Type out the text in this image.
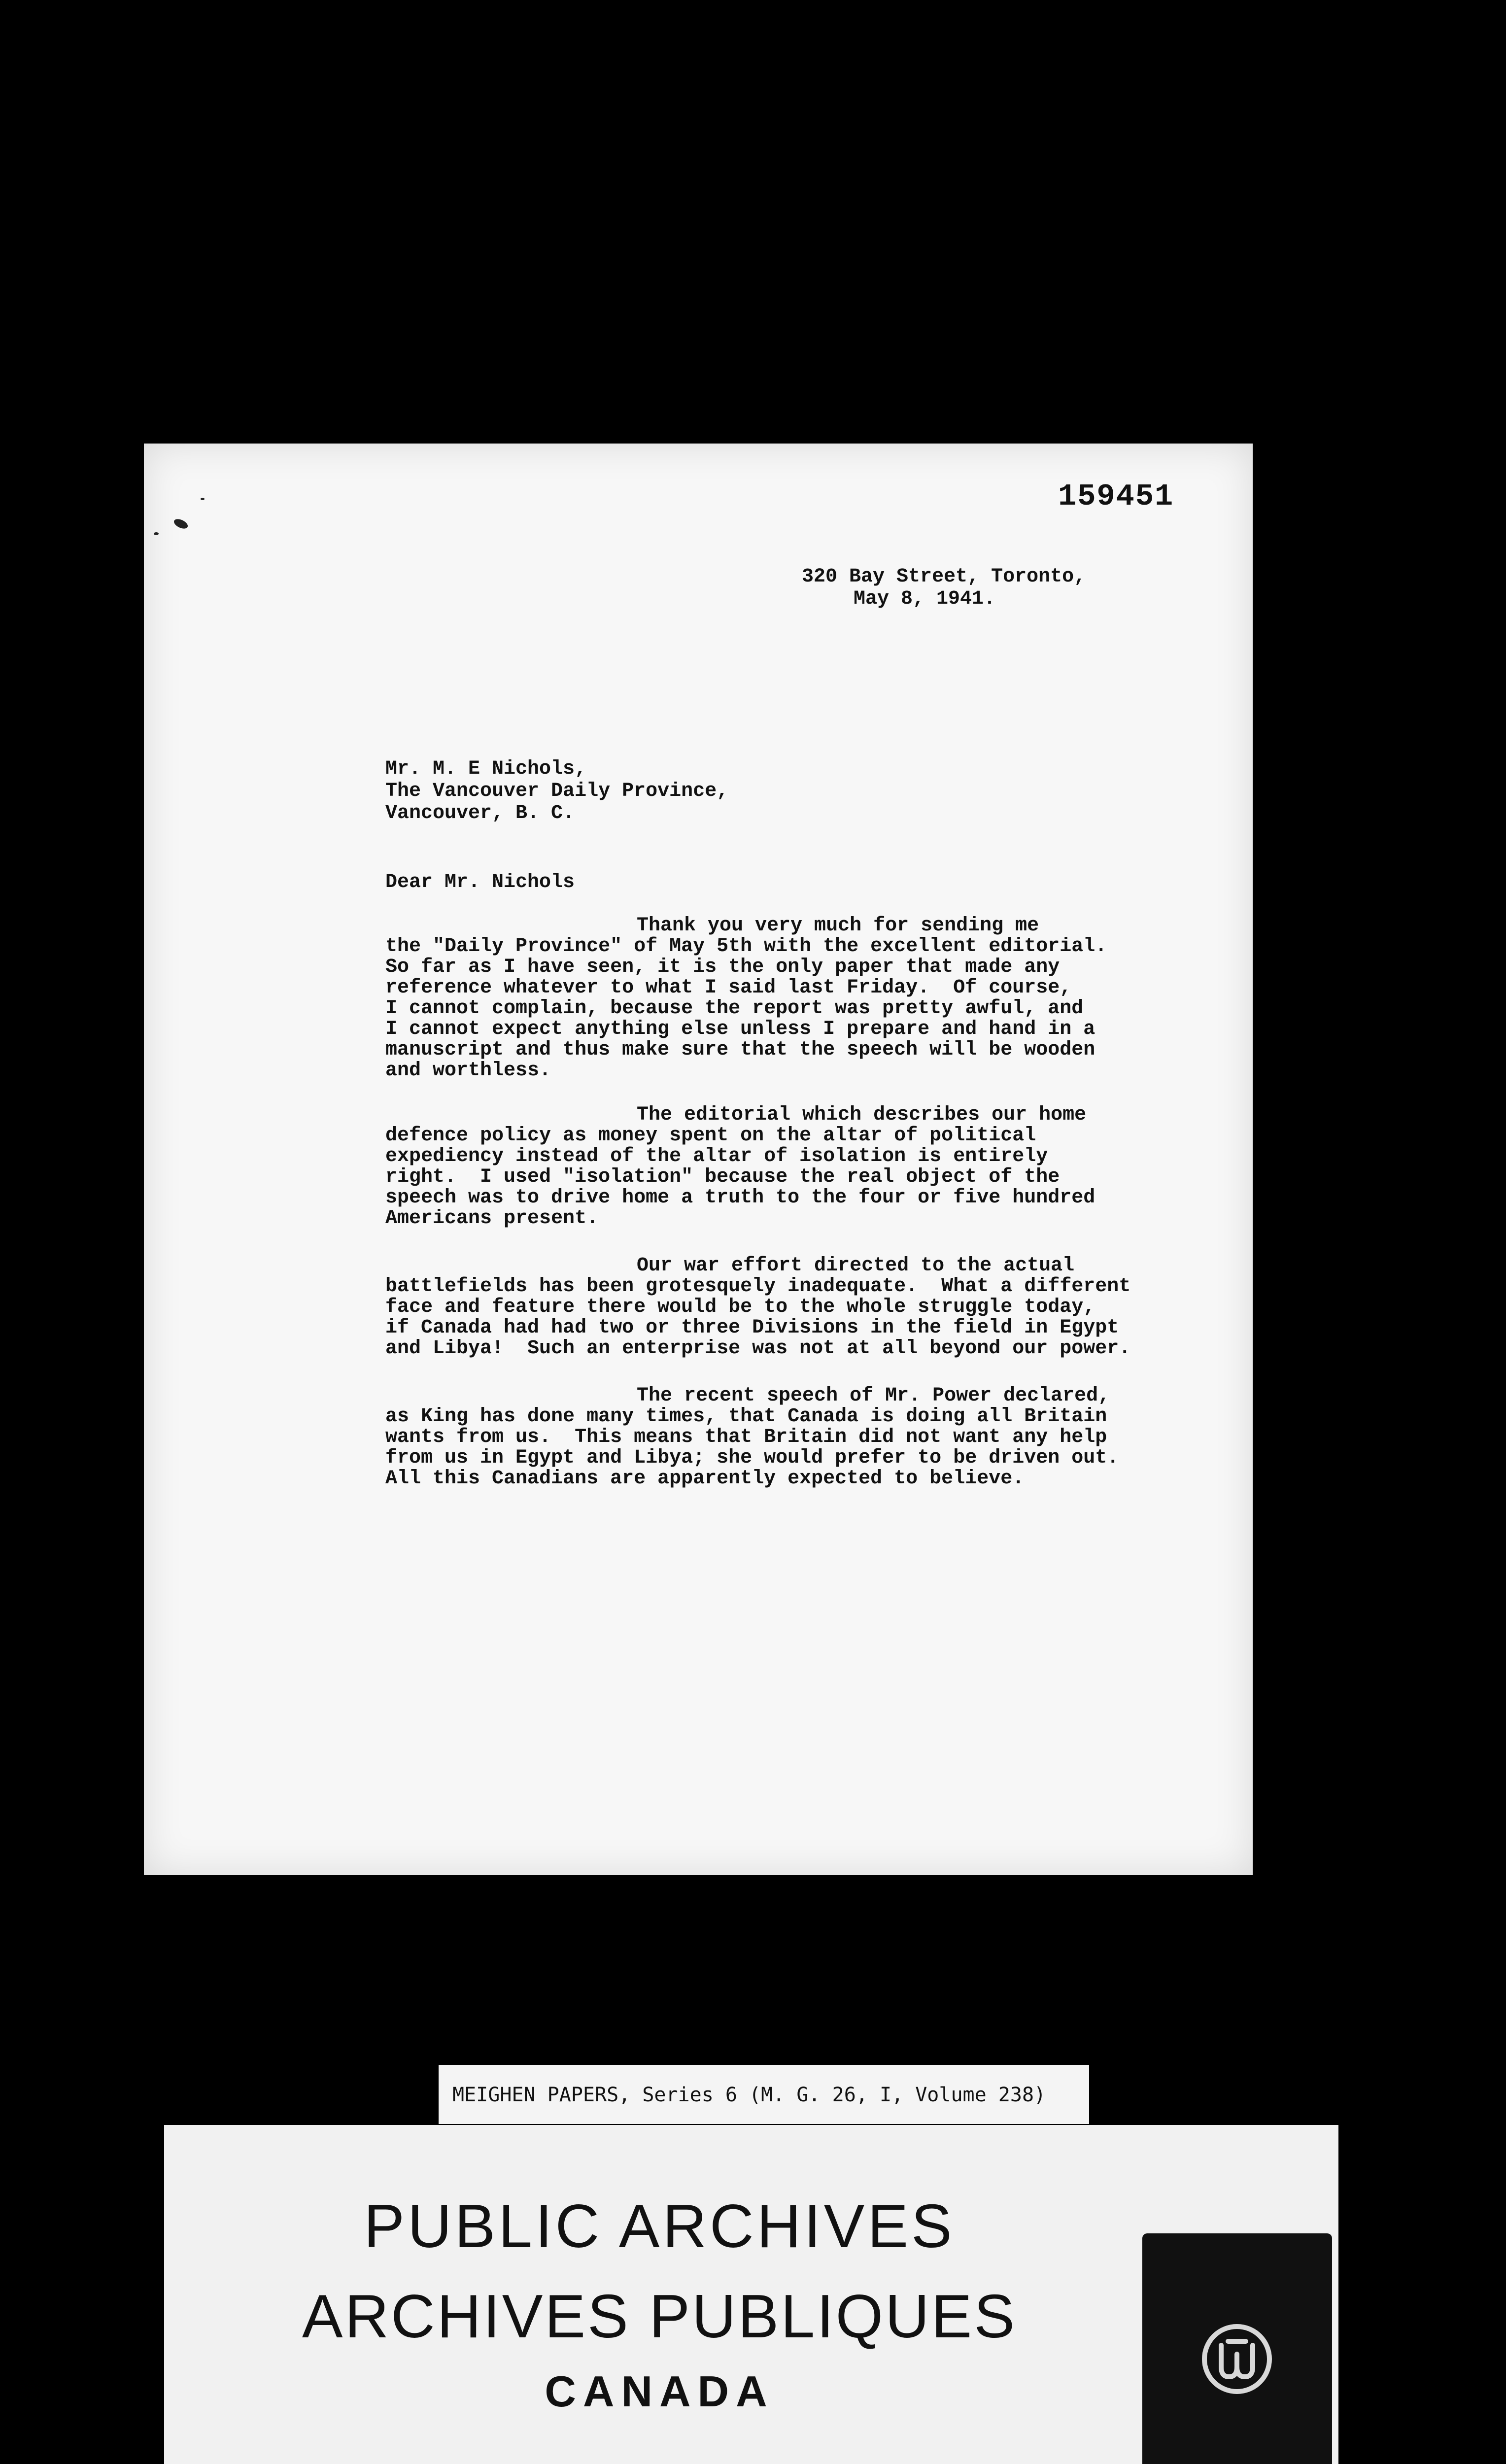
159451

320 Bay Street, Toronto,

May 8, 1941.

Mr. M. E Nichols,

The Vancouver Daily Province,

Vancouver, B. C.

Dear Mr. Nichols

Thank you very much for sending me

the "Daily Province" of May 5th with the excellent editorial.

So far as I have seen, it is the only paper that made any

reference whatever to what I said last Friday.  Of course,

I cannot complain, because the report was pretty awful, and

I cannot expect anything else unless I prepare and hand in a

manuscript and thus make sure that the speech will be wooden

and worthless.

The editorial which describes our home

defence policy as money spent on the altar of political

expediency instead of the altar of isolation is entirely

right.  I used "isolation" because the real object of the

speech was to drive home a truth to the four or five hundred

Americans present.

Our war effort directed to the actual

battlefields has been grotesquely inadequate.  What a different

face and feature there would be to the whole struggle today,

if Canada had had two or three Divisions in the field in Egypt

and Libya!  Such an enterprise was not at all beyond our power.

The recent speech of Mr. Power declared,

as King has done many times, that Canada is doing all Britain

wants from us.  This means that Britain did not want any help

from us in Egypt and Libya; she would prefer to be driven out.

All this Canadians are apparently expected to believe.

MEIGHEN PAPERS, Series 6 (M. G. 26, I, Volume 238)

PUBLIC ARCHIVES

ARCHIVES PUBLIQUES

CANADA
